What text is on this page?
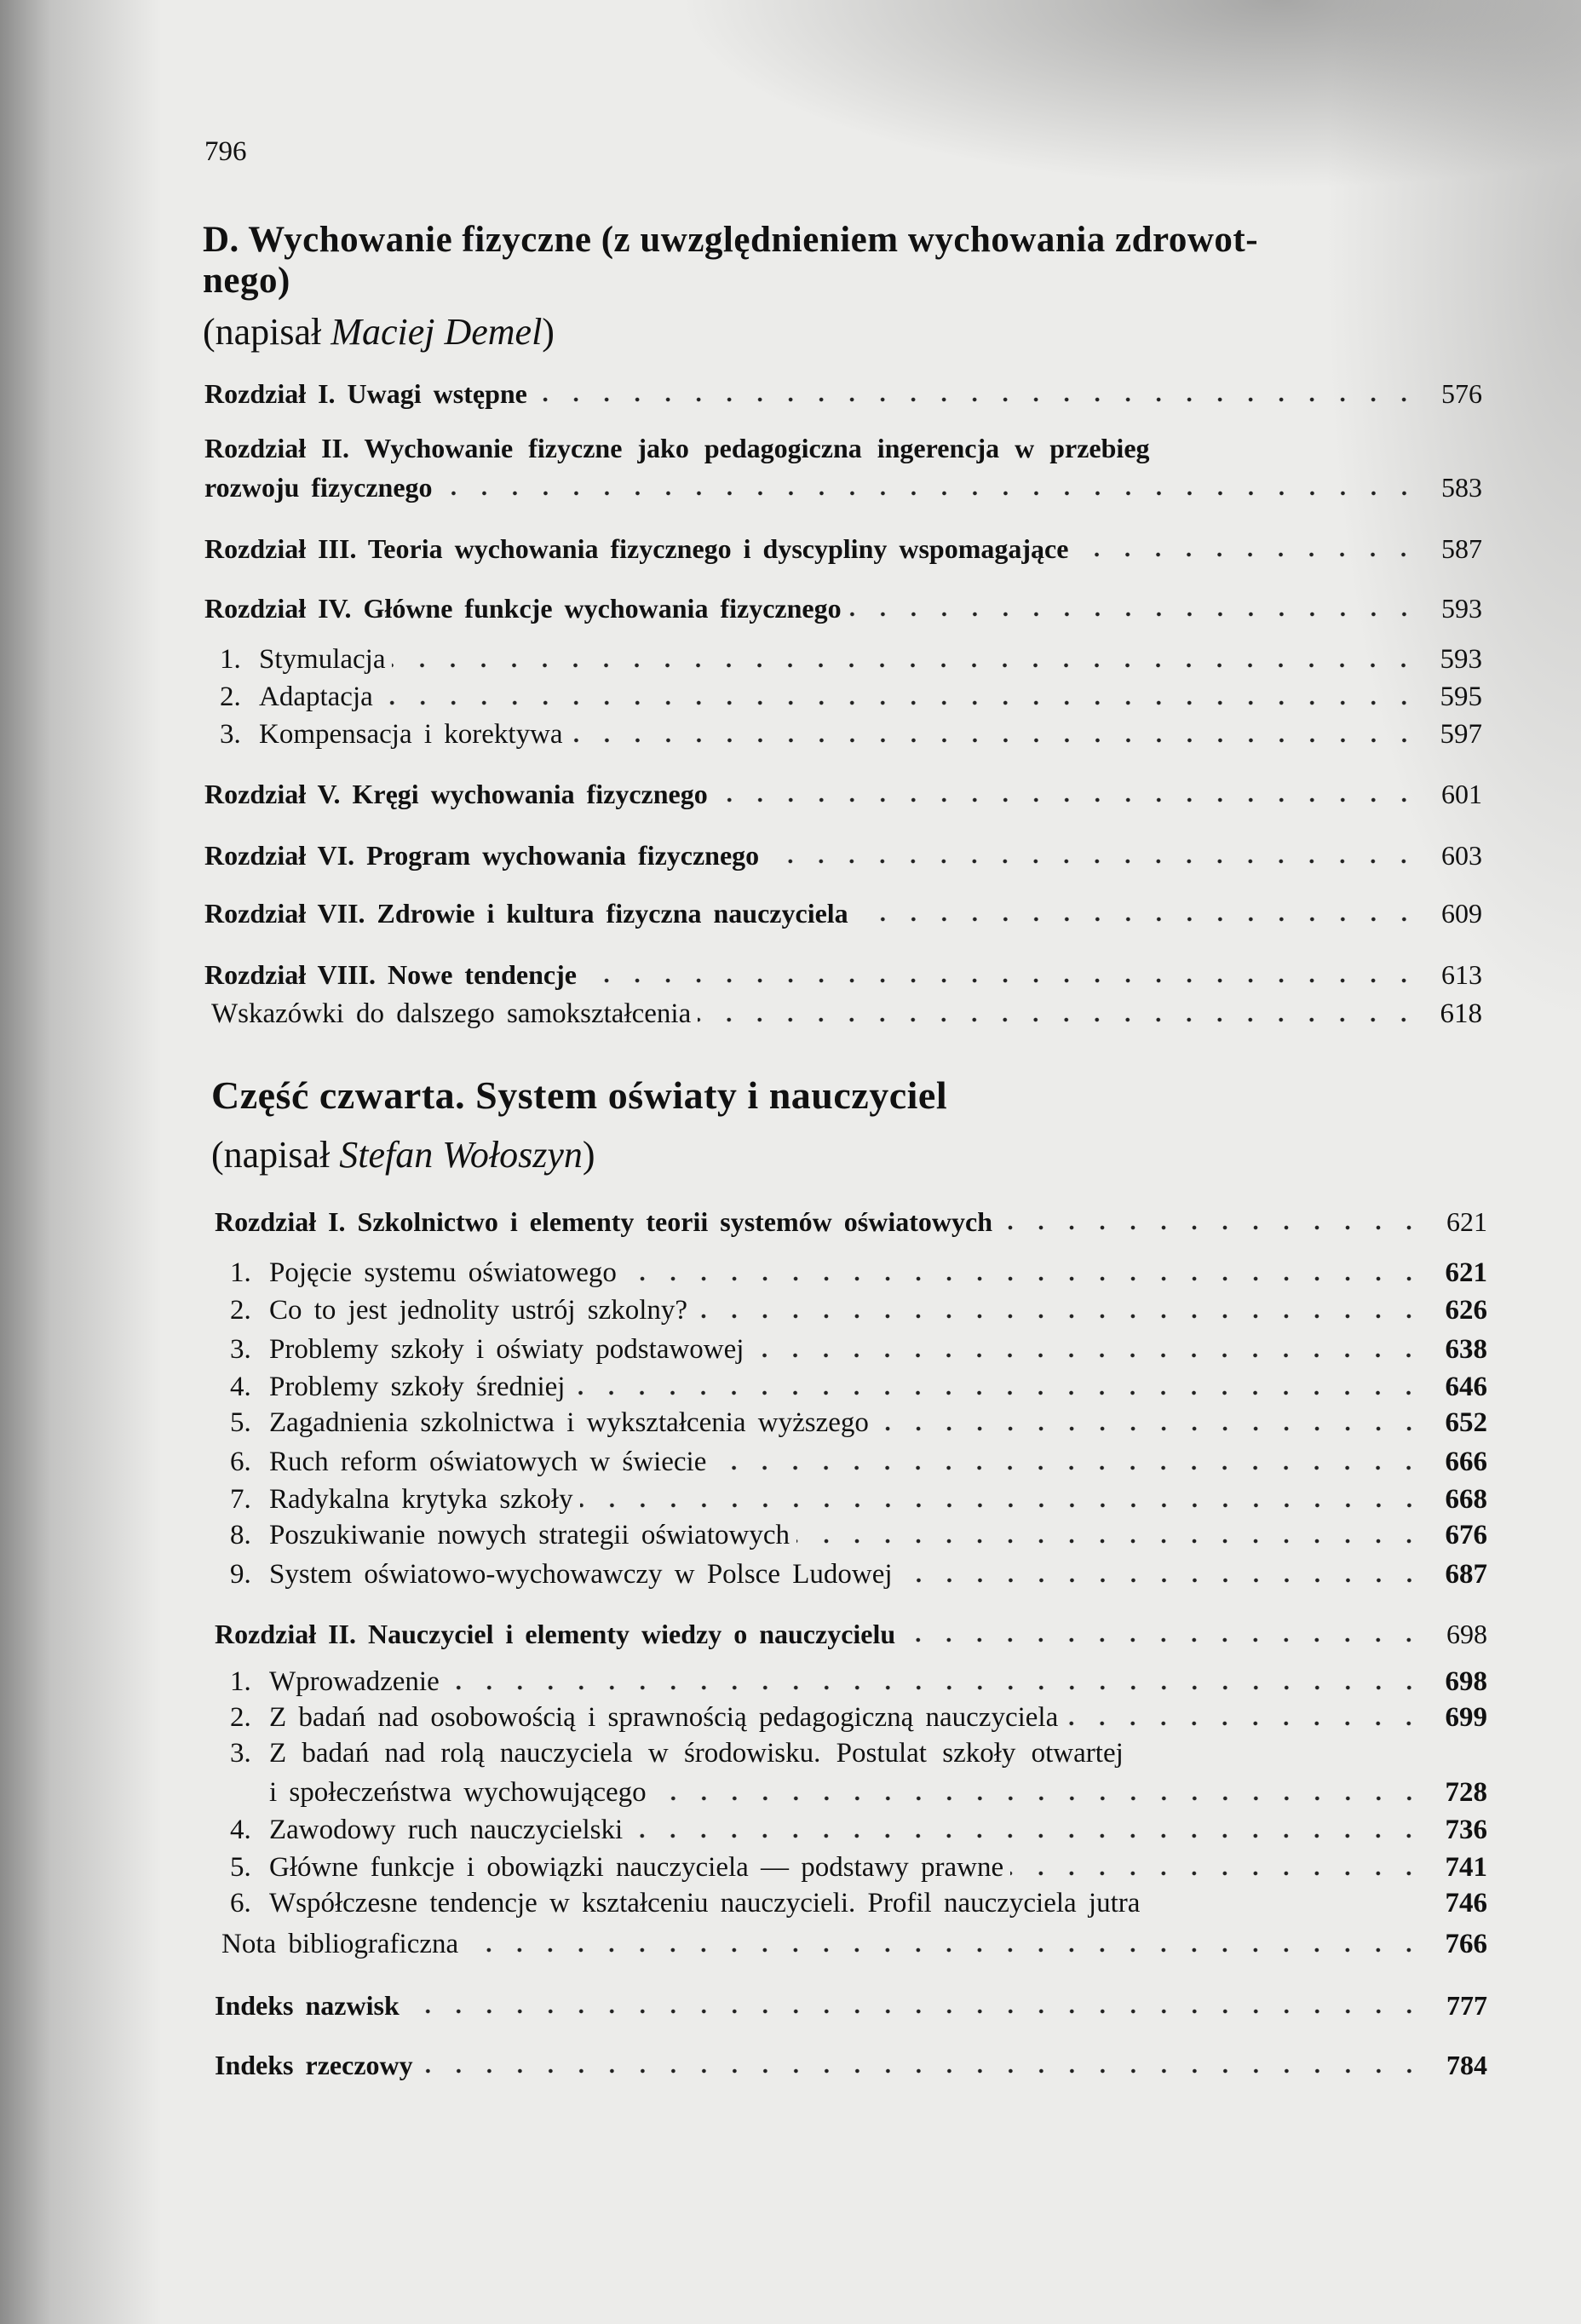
796
D. Wychowanie fizyczne (z uwzględnieniem wychowania zdrowot-
nego)
(napisał Maciej Demel)
Rozdział I. Uwagi wstępne	576
Rozdział II. Wychowanie fizyczne jako pedagogiczna ingerencja w przebieg
rozwoju fizycznego	583
Rozdział III. Teoria wychowania fizycznego i dyscypliny wspomagające	587
Rozdział IV. Główne funkcje wychowania fizycznego	593
1. Stymulacja	593
2. Adaptacja	595
3. Kompensacja i korektywa	597
Rozdział V. Kręgi wychowania fizycznego	601
Rozdział VI. Program wychowania fizycznego	603
Rozdział VII. Zdrowie i kultura fizyczna nauczyciela	609
Rozdział VIII. Nowe tendencje	613
Wskazówki do dalszego samokształcenia	618
Część czwarta. System oświaty i nauczyciel
(napisał Stefan Wołoszyn)
Rozdział I. Szkolnictwo i elementy teorii systemów oświatowych	621
1. Pojęcie systemu oświatowego	621
2. Co to jest jednolity ustrój szkolny?	626
3. Problemy szkoły i oświaty podstawowej	638
4. Problemy szkoły średniej	646
5. Zagadnienia szkolnictwa i wykształcenia wyższego	652
6. Ruch reform oświatowych w świecie	666
7. Radykalna krytyka szkoły	668
8. Poszukiwanie nowych strategii oświatowych	676
9. System oświatowo-wychowawczy w Polsce Ludowej	687
Rozdział II. Nauczyciel i elementy wiedzy o nauczycielu	698
1. Wprowadzenie	698
2. Z badań nad osobowością i sprawnością pedagogiczną nauczyciela	699
3. Z badań nad rolą nauczyciela w środowisku. Postulat szkoły otwartej
i społeczeństwa wychowującego	728
4. Zawodowy ruch nauczycielski	736
5. Główne funkcje i obowiązki nauczyciela — podstawy prawne	741
6. Współczesne tendencje w kształceniu nauczycieli. Profil nauczyciela jutra	746
Nota bibliograficzna	766
Indeks nazwisk	777
Indeks rzeczowy	784
